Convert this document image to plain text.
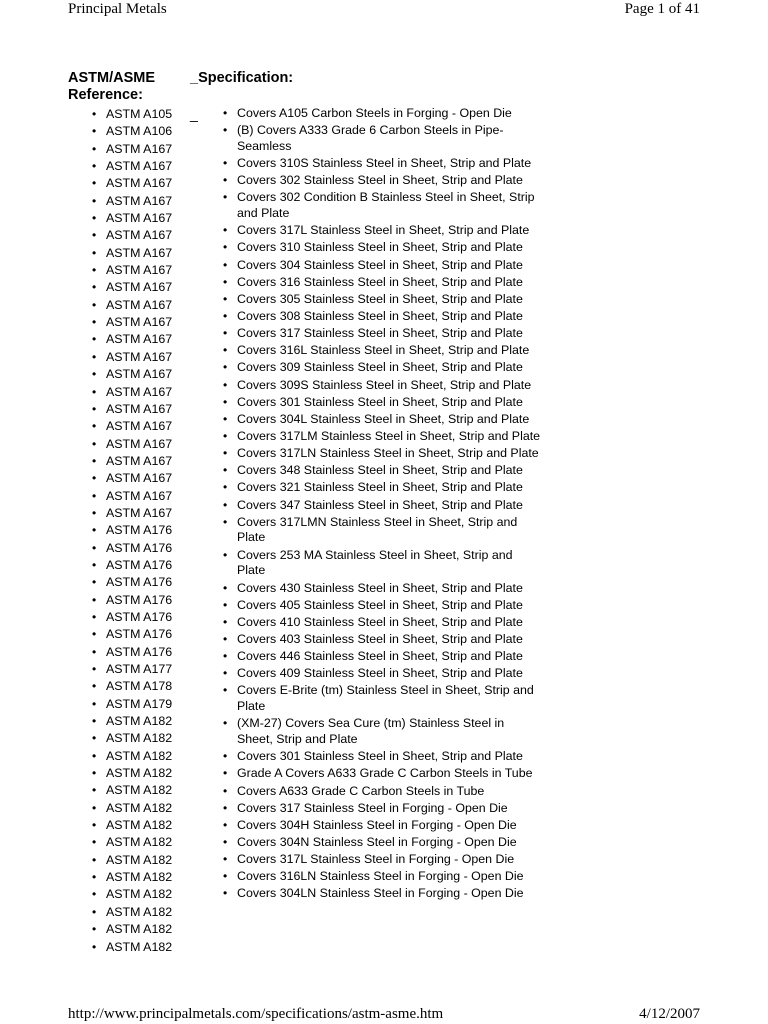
Principal Metals	Page 1 of 41
ASTM/ASME Reference:
_Specification:
_
• ASTM A105
• ASTM A106
• ASTM A167
• ASTM A167
• ASTM A167
• ASTM A167
• ASTM A167
• ASTM A167
• ASTM A167
• ASTM A167
• ASTM A167
• ASTM A167
• ASTM A167
• ASTM A167
• ASTM A167
• ASTM A167
• ASTM A167
• ASTM A167
• ASTM A167
• ASTM A167
• ASTM A167
• ASTM A167
• ASTM A167
• ASTM A167
• ASTM A176
• ASTM A176
• ASTM A176
• ASTM A176
• ASTM A176
• ASTM A176
• ASTM A176
• ASTM A176
• ASTM A177
• ASTM A178
• ASTM A179
• ASTM A182
• ASTM A182
• ASTM A182
• ASTM A182
• ASTM A182
• ASTM A182
• ASTM A182
• ASTM A182
• ASTM A182
• ASTM A182
• ASTM A182
• ASTM A182
• ASTM A182
• ASTM A182
• Covers A105 Carbon Steels in Forging - Open Die
• (B) Covers A333 Grade 6 Carbon Steels in Pipe-Seamless
• Covers 310S Stainless Steel in Sheet, Strip and Plate
• Covers 302 Stainless Steel in Sheet, Strip and Plate
• Covers 302 Condition B Stainless Steel in Sheet, Strip and Plate
• Covers 317L Stainless Steel in Sheet, Strip and Plate
• Covers 310 Stainless Steel in Sheet, Strip and Plate
• Covers 304 Stainless Steel in Sheet, Strip and Plate
• Covers 316 Stainless Steel in Sheet, Strip and Plate
• Covers 305 Stainless Steel in Sheet, Strip and Plate
• Covers 308 Stainless Steel in Sheet, Strip and Plate
• Covers 317 Stainless Steel in Sheet, Strip and Plate
• Covers 316L Stainless Steel in Sheet, Strip and Plate
• Covers 309 Stainless Steel in Sheet, Strip and Plate
• Covers 309S Stainless Steel in Sheet, Strip and Plate
• Covers 301 Stainless Steel in Sheet, Strip and Plate
• Covers 304L Stainless Steel in Sheet, Strip and Plate
• Covers 317LM Stainless Steel in Sheet, Strip and Plate
• Covers 317LN Stainless Steel in Sheet, Strip and Plate
• Covers 348 Stainless Steel in Sheet, Strip and Plate
• Covers 321 Stainless Steel in Sheet, Strip and Plate
• Covers 347 Stainless Steel in Sheet, Strip and Plate
• Covers 317LMN Stainless Steel in Sheet, Strip and Plate
• Covers 253 MA Stainless Steel in Sheet, Strip and Plate
• Covers 430 Stainless Steel in Sheet, Strip and Plate
• Covers 405 Stainless Steel in Sheet, Strip and Plate
• Covers 410 Stainless Steel in Sheet, Strip and Plate
• Covers 403 Stainless Steel in Sheet, Strip and Plate
• Covers 446 Stainless Steel in Sheet, Strip and Plate
• Covers 409 Stainless Steel in Sheet, Strip and Plate
• Covers E-Brite (tm) Stainless Steel in Sheet, Strip and Plate
• (XM-27) Covers Sea Cure (tm) Stainless Steel in Sheet, Strip and Plate
• Covers 301 Stainless Steel in Sheet, Strip and Plate
• Grade A Covers A633 Grade C Carbon Steels in Tube
• Covers A633 Grade C Carbon Steels in Tube
• Covers 317 Stainless Steel in Forging - Open Die
• Covers 304H Stainless Steel in Forging - Open Die
• Covers 304N Stainless Steel in Forging - Open Die
• Covers 317L Stainless Steel in Forging - Open Die
• Covers 316LN Stainless Steel in Forging - Open Die
• Covers 304LN Stainless Steel in Forging - Open Die
http://www.principalmetals.com/specifications/astm-asme.htm	4/12/2007
